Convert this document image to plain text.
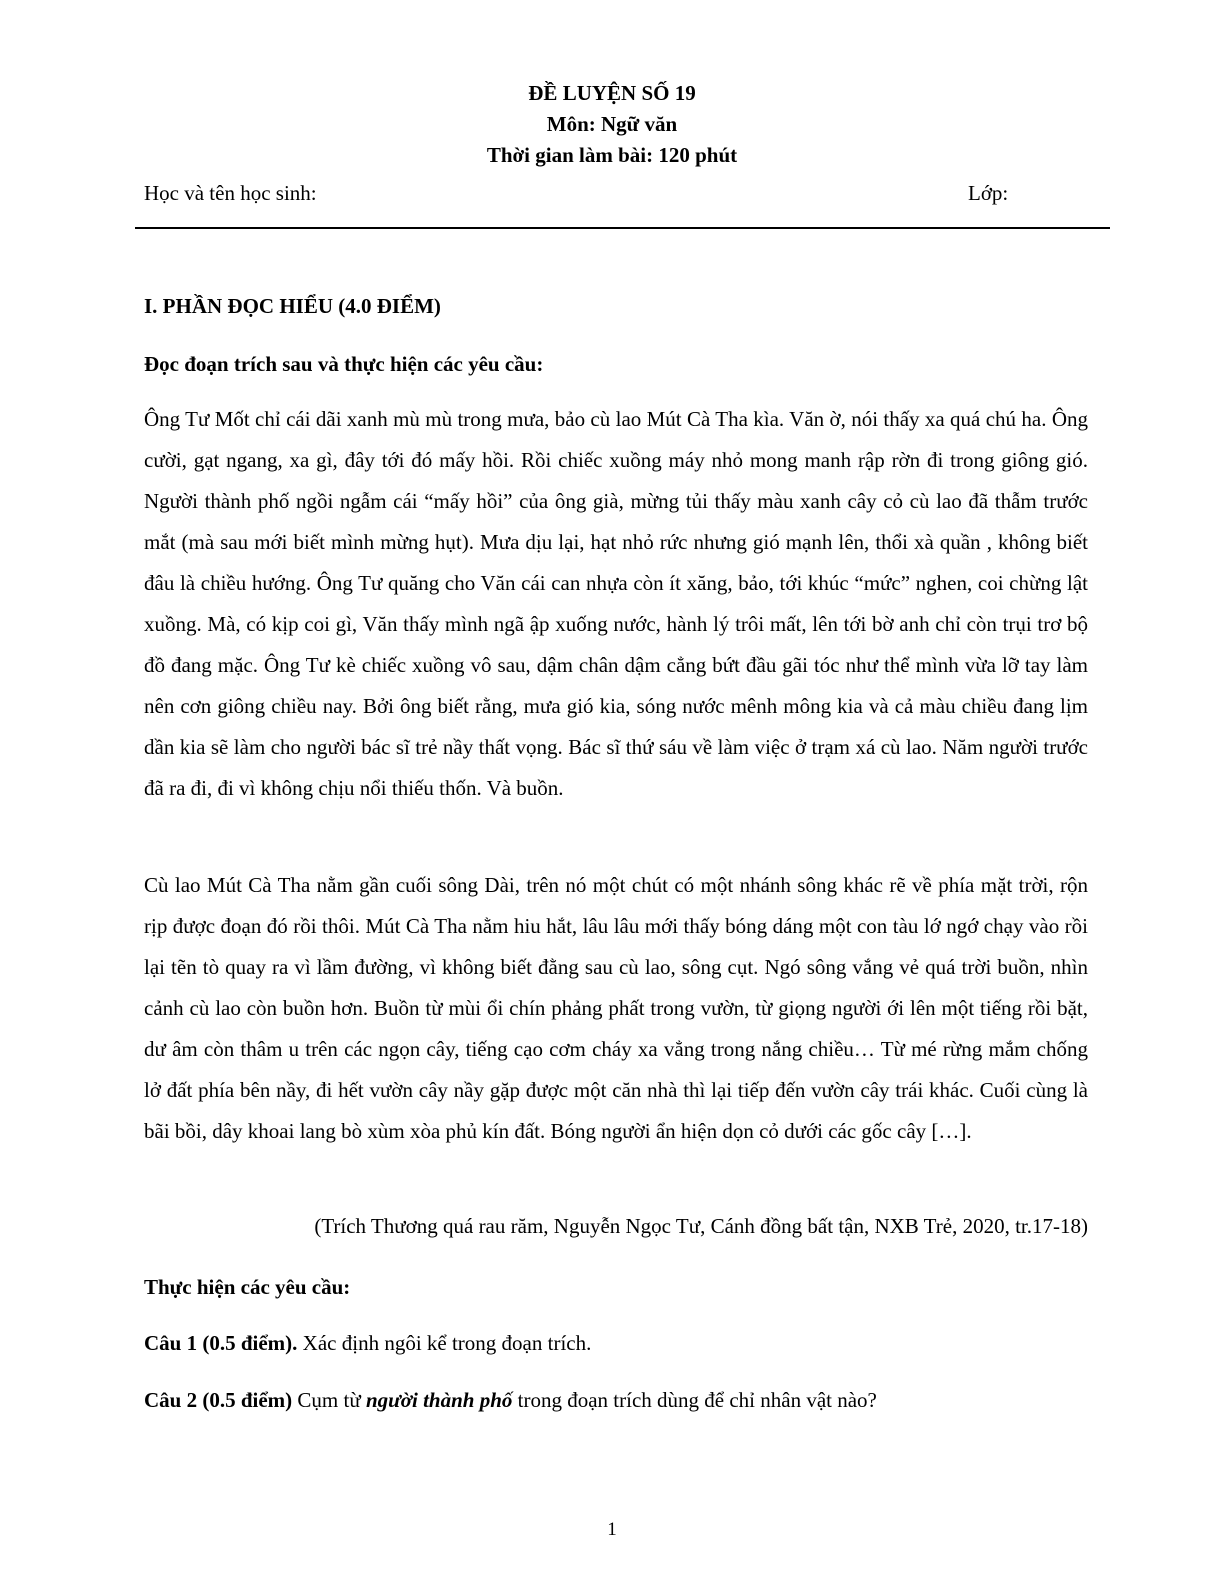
ĐỀ LUYỆN SỐ 19
Môn: Ngữ văn
Thời gian làm bài: 120 phút
Học và tên học sinh:	Lớp:
I. PHẦN ĐỌC HIỂU (4.0 ĐIỂM)
Đọc đoạn trích sau và thực hiện các yêu cầu:

Ông Tư Mốt chỉ cái dãi xanh mù mù trong mưa, bảo cù lao Mút Cà Tha kìa. Văn ờ, nói thấy xa quá chú ha. Ông cười, gạt ngang, xa gì, đây tới đó mấy hồi. Rồi chiếc xuồng máy nhỏ mong manh rập rờn đi trong giông gió. Người thành phố ngồi ngẫm cái “mấy hồi” của ông già, mừng tủi thấy màu xanh cây cỏ cù lao đã thẫm trước mắt (mà sau mới biết mình mừng hụt). Mưa dịu lại, hạt nhỏ rức nhưng gió mạnh lên, thổi xà quần , không biết đâu là chiều hướng. Ông Tư quăng cho Văn cái can nhựa còn ít xăng, bảo, tới khúc “mức” nghen, coi chừng lật xuồng. Mà, có kịp coi gì, Văn thấy mình ngã ập xuống nước, hành lý trôi mất, lên tới bờ anh chỉ còn trụi trơ bộ đồ đang mặc. Ông Tư kè chiếc xuồng vô sau, dậm chân dậm cẳng bứt đầu gãi tóc như thể mình vừa lỡ tay làm nên cơn giông chiều nay. Bởi ông biết rằng, mưa gió kia, sóng nước mênh mông kia và cả màu chiều đang lịm dần kia sẽ làm cho người bác sĩ trẻ nầy thất vọng. Bác sĩ thứ sáu về làm việc ở trạm xá cù lao. Năm người trước đã ra đi, đi vì không chịu nổi thiếu thốn. Và buồn.

Cù lao Mút Cà Tha nằm gần cuối sông Dài, trên nó một chút có một nhánh sông khác rẽ về phía mặt trời, rộn rịp được đoạn đó rồi thôi. Mút Cà Tha nằm hiu hắt, lâu lâu mới thấy bóng dáng một con tàu lớ ngớ chạy vào rồi lại tẽn tò quay ra vì lầm đường, vì không biết đằng sau cù lao, sông cụt. Ngó sông vắng vẻ quá trời buồn, nhìn cảnh cù lao còn buồn hơn. Buồn từ mùi ổi chín phảng phất trong vườn, từ giọng người ới lên một tiếng rồi bặt, dư âm còn thâm u trên các ngọn cây, tiếng cạo cơm cháy xa vẳng trong nắng chiều… Từ mé rừng mắm chống lở đất phía bên nầy, đi hết vườn cây nầy gặp được một căn nhà thì lại tiếp đến vườn cây trái khác. Cuối cùng là bãi bồi, dây khoai lang bò xùm xòa phủ kín đất. Bóng người ẩn hiện dọn cỏ dưới các gốc cây […].

(Trích Thương quá rau răm, Nguyễn Ngọc Tư, Cánh đồng bất tận, NXB Trẻ, 2020, tr.17-18)
Thực hiện các yêu cầu:
Câu 1 (0.5 điểm). Xác định ngôi kể trong đoạn trích.
Câu 2 (0.5 điểm) Cụm từ người thành phố trong đoạn trích dùng để chỉ nhân vật nào?
1
